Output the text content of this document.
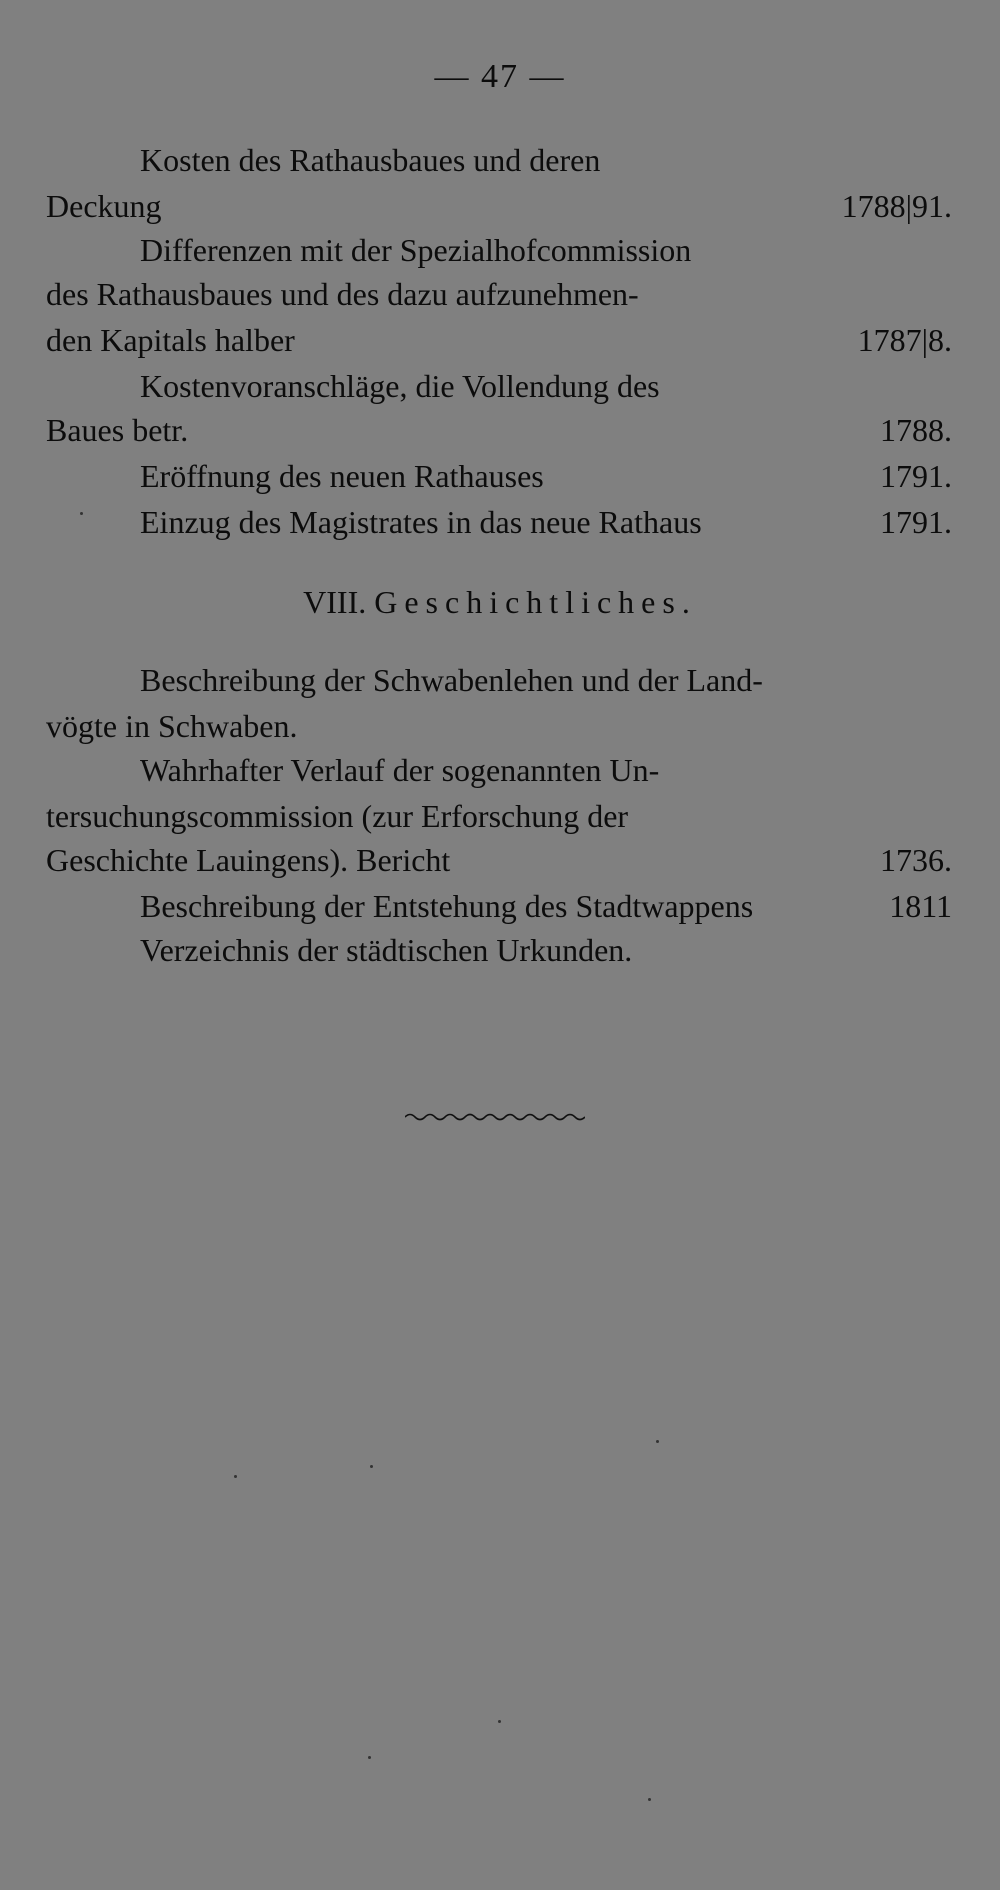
— 47 —
Kosten des Rathausbaues und deren
Deckung	1788|91.
Differenzen mit der Spezialhofcommission
des Rathausbaues und des dazu aufzunehmen-
den Kapitals halber	1787|8.
Kostenvoranschläge, die Vollendung des
Baues betr.	1788.
Eröffnung des neuen Rathauses	1791.
Einzug des Magistrates in das neue Rathaus	1791.
VIII. Geschichtliches.
Beschreibung der Schwabenlehen und der Land-
vögte in Schwaben.
Wahrhafter Verlauf der sogenannten Un-
tersuchungscommission (zur Erforschung der
Geschichte Lauingens). Bericht	1736.
Beschreibung der Entstehung des Stadtwappens	1811
Verzeichnis der städtischen Urkunden.
